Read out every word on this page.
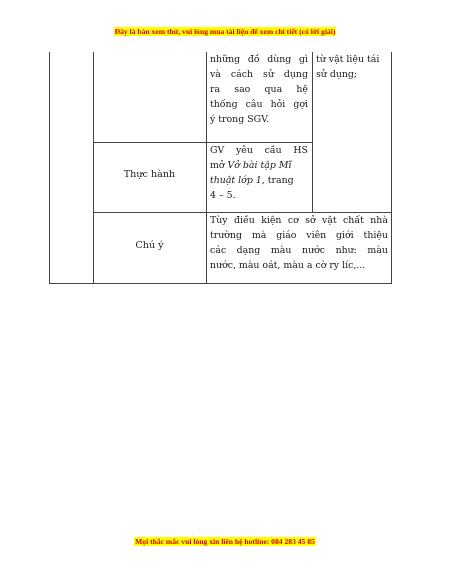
Đây là bản xem thử, vui lòng mua tài liệu để xem chi tiết (có lời giải)
những đồ dùng gì
và cách sử dụng
ra sao qua hệ
thống câu hỏi gợi
ý trong SGV.
từ vật liệu tái
sử dụng;
Thực hành
GV yêu cầu HS
mở Vở bài tập Mĩ
thuật lớp 1, trang
4 – 5.
Chú ý
Tùy điều kiện cơ sở vật chất nhà
trường mà giáo viên giới thiệu
các dạng màu nước như: màu
nước, màu oát, màu a cờ ry líc,...
Mọi thắc mắc vui lòng xin liên hệ hotline: 084 283 45 85
